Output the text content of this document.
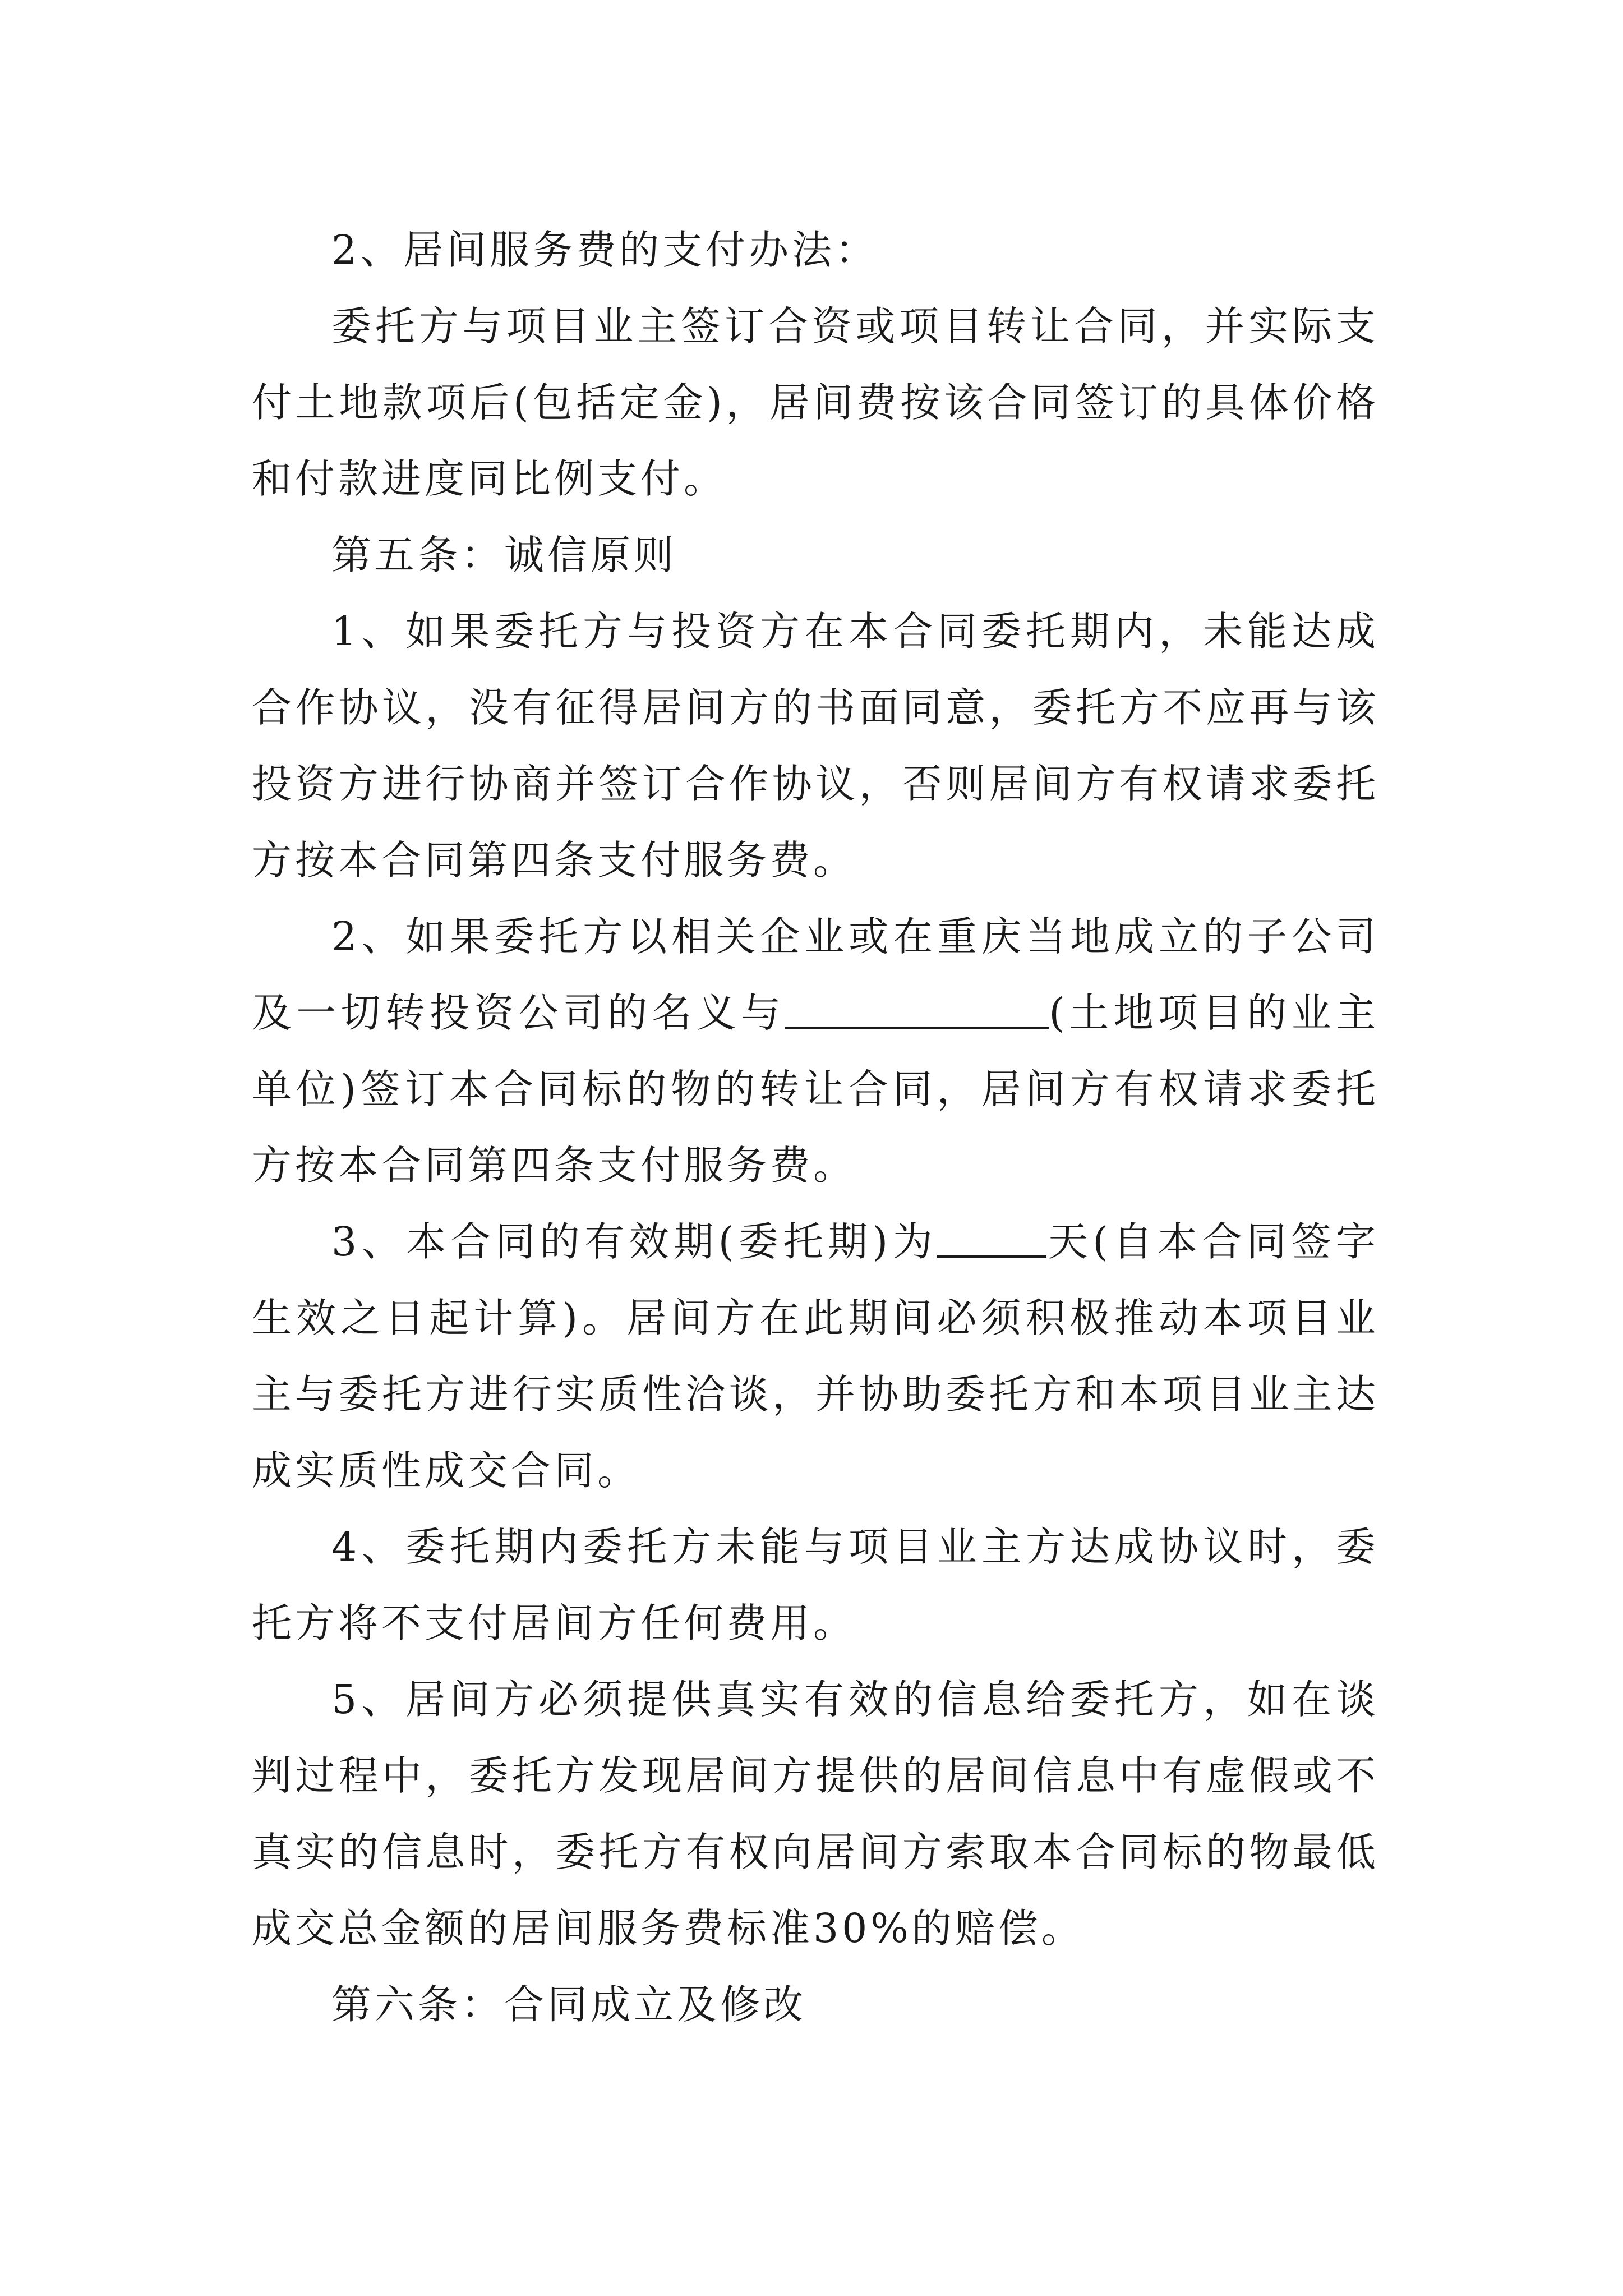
2、居间服务费的支付办法：

委托方与项目业主签订合资或项目转让合同，并实际支付土地款项后(包括定金)，居间费按该合同签订的具体价格和付款进度同比例支付。

第五条：诚信原则

1、如果委托方与投资方在本合同委托期内，未能达成合作协议，没有征得居间方的书面同意，委托方不应再与该投资方进行协商并签订合作协议，否则居间方有权请求委托方按本合同第四条支付服务费。

2、如果委托方以相关企业或在重庆当地成立的子公司及一切转投资公司的名义与	(土地项目的业主单位)签订本合同标的物的转让合同，居间方有权请求委托方按本合同第四条支付服务费。

3、本合同的有效期(委托期)为	天(自本合同签字生效之日起计算)。居间方在此期间必须积极推动本项目业主与委托方进行实质性洽谈，并协助委托方和本项目业主达成实质性成交合同。

4、委托期内委托方未能与项目业主方达成协议时，委托方将不支付居间方任何费用。

5、居间方必须提供真实有效的信息给委托方，如在谈判过程中，委托方发现居间方提供的居间信息中有虚假或不真实的信息时，委托方有权向居间方索取本合同标的物最低成交总金额的居间服务费标准30%的赔偿。

第六条：合同成立及修改
